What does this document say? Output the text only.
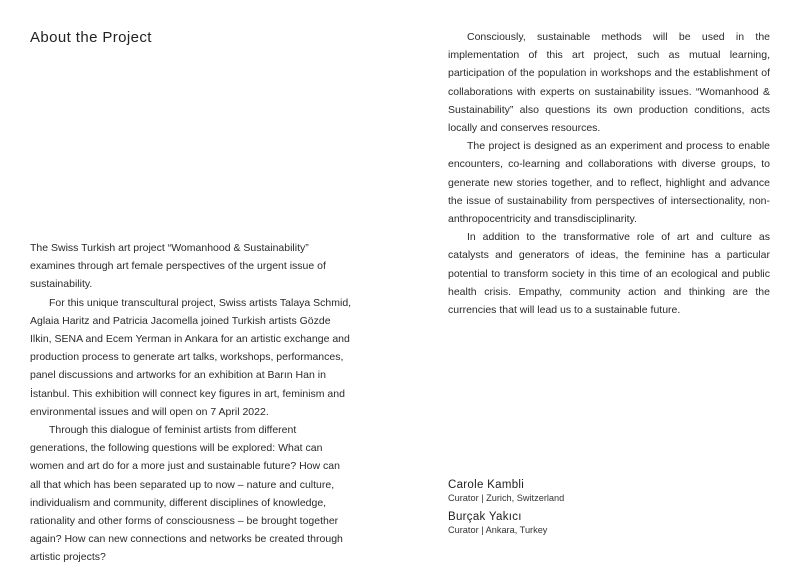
About the Project

The Swiss Turkish art project “Womanhood & Sustainability” examines through art female perspectives of the urgent issue of sustainability.

For this unique transcultural project, Swiss artists Talaya Schmid, Aglaia Haritz and Patricia Jacomella joined Turkish artists Gözde Ilkin, SENA and Ecem Yerman in Ankara for an artistic exchange and production process to generate art talks, workshops, performances, panel discussions and artworks for an exhibition at Barın Han in İstanbul. This exhibition will connect key figures in art, feminism and environmental issues and will open on 7 April 2022.

Through this dialogue of feminist artists from different generations, the following questions will be explored: What can women and art do for a more just and sustainable future? How can all that which has been separated up to now – nature and culture, individualism and community, different disciplines of knowledge, rationality and other forms of consciousness – be brought together again? How can new connections and networks be created through artistic projects?

Consciously, sustainable methods will be used in the implementation of this art project, such as mutual learning, participation of the population in workshops and the establishment of collaborations with experts on sustainability issues. “Womanhood & Sustainability” also questions its own production conditions, acts locally and conserves resources.

The project is designed as an experiment and process to enable encounters, co-learning and collaborations with diverse groups, to generate new stories together, and to reflect, highlight and advance the issue of sustainability from perspectives of intersectionality, non-anthropocentricity and transdisciplinarity.

In addition to the transformative role of art and culture as catalysts and generators of ideas, the feminine has a particular potential to transform society in this time of an ecological and public health crisis. Empathy, community action and thinking are the currencies that will lead us to a sustainable future.

Carole Kambli
Curator | Zurich, Switzerland
Burçak Yakıcı
Curator | Ankara, Turkey
